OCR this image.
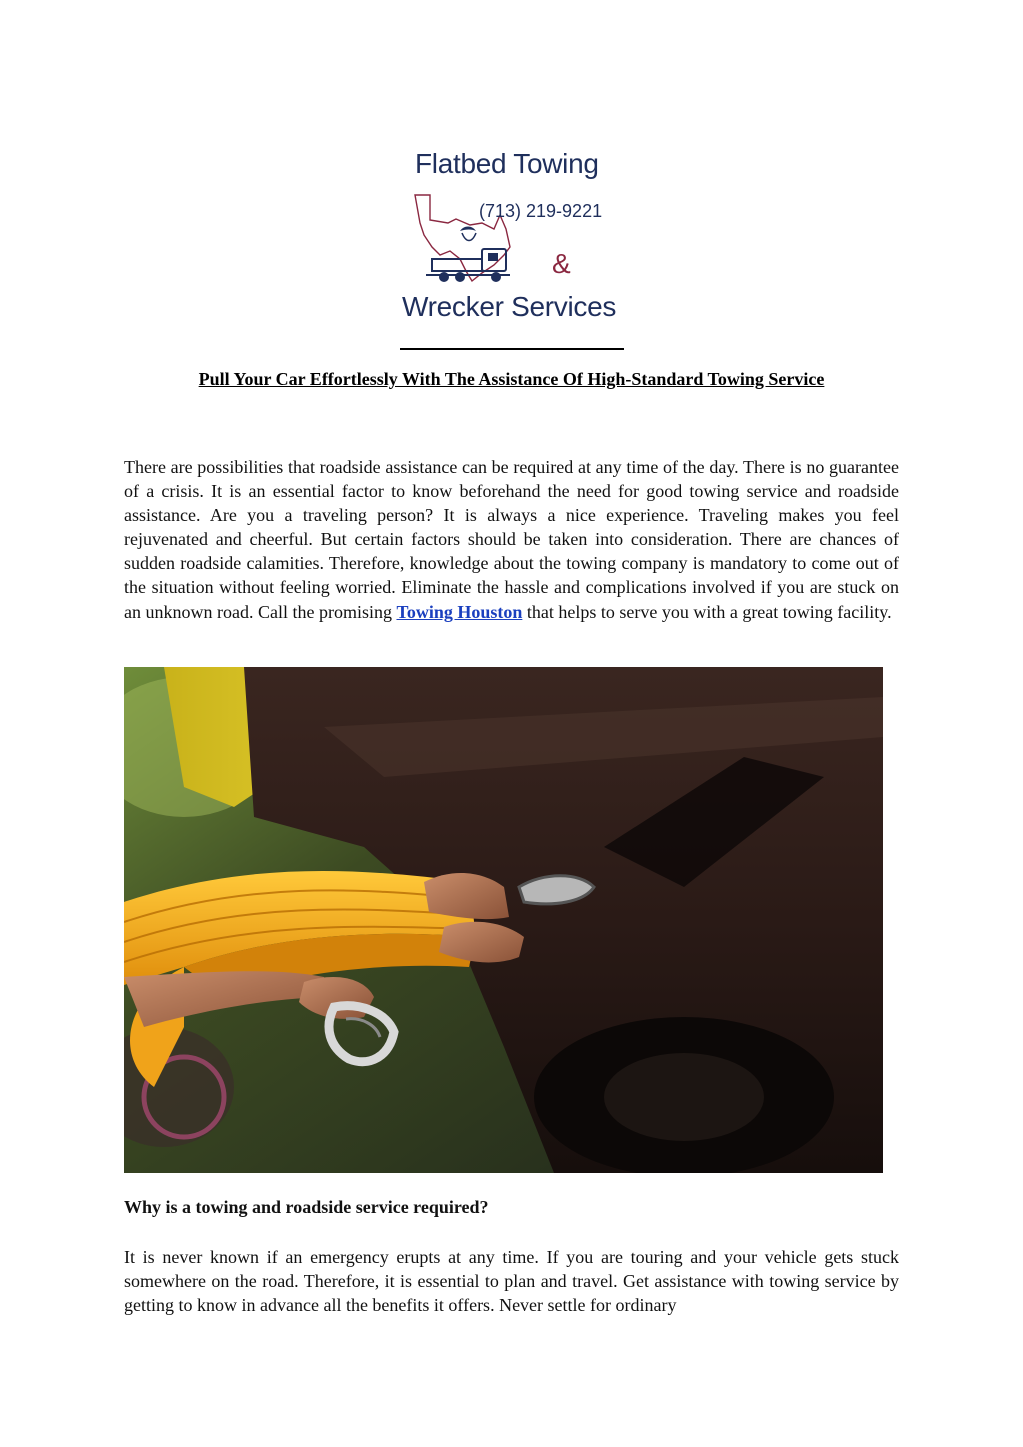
Flatbed Towing
(713) 219-9221
&
Wrecker Services
Pull Your Car Effortlessly With The Assistance Of High-Standard Towing Service

There are possibilities that roadside assistance can be required at any time of the day. There is no guarantee of a crisis. It is an essential factor to know beforehand the need for good towing service and roadside assistance. Are you a traveling person? It is always a nice experience. Traveling makes you feel rejuvenated and cheerful. But certain factors should be taken into consideration. There are chances of sudden roadside calamities. Therefore, knowledge about the towing company is mandatory to come out of the situation without feeling worried. Eliminate the hassle and complications involved if you are stuck on an unknown road. Call the promising Towing Houston that helps to serve you with a great towing facility.

Why is a towing and roadside service required?

It is never known if an emergency erupts at any time. If you are touring and your vehicle gets stuck somewhere on the road. Therefore, it is essential to plan and travel. Get assistance with towing service by getting to know in advance all the benefits it offers. Never settle for ordinary
